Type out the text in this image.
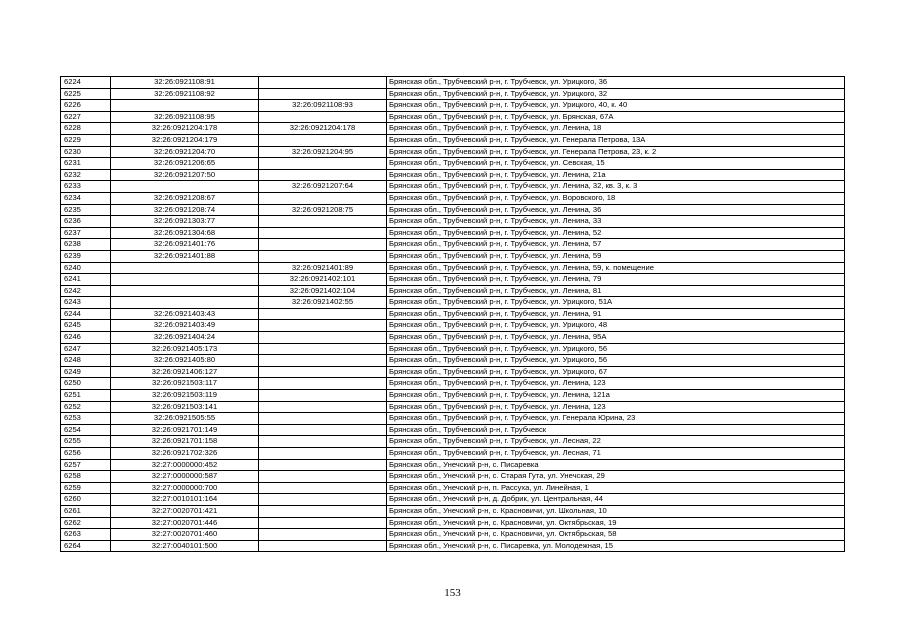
6224	32:26:0921108:91		Брянская обл., Трубчевский р-н, г. Трубчевск, ул. Урицкого, 36
6225	32:26:0921108:92		Брянская обл., Трубчевский р-н, г. Трубчевск, ул. Урицкого, 32
6226		32:26:0921108:93	Брянская обл., Трубчевский р-н, г. Трубчевск, ул. Урицкого, 40, к. 40
6227	32:26:0921108:95		Брянская обл., Трубчевский р-н, г. Трубчевск, ул. Брянская, 67А
6228	32:26:0921204:178	32:26:0921204:178	Брянская обл., Трубчевский р-н, г. Трубчевск, ул. Ленина, 18
6229	32:26:0921204:179		Брянская обл., Трубчевский р-н, г. Трубчевск, ул. Генерала Петрова, 13А
6230	32:26:0921204:70	32:26:0921204:95	Брянская обл., Трубчевский р-н, г. Трубчевск, ул. Генерала Петрова, 23, к. 2
6231	32:26:0921206:65		Брянская обл., Трубчевский р-н, г. Трубчевск, ул. Севская, 15
6232	32:26:0921207:50		Брянская обл., Трубчевский р-н, г. Трубчевск, ул. Ленина, 21а
6233		32:26:0921207:64	Брянская обл., Трубчевский р-н, г. Трубчевск, ул. Ленина, 32, кв. 3, к. 3
6234	32:26:0921208:67		Брянская обл., Трубчевский р-н, г. Трубчевск, ул. Воровского, 18
6235	32:26:0921208:74	32:26:0921208:75	Брянская обл., Трубчевский р-н, г. Трубчевск, ул. Ленина, 36
6236	32:26:0921303:77		Брянская обл., Трубчевский р-н, г. Трубчевск, ул. Ленина, 33
6237	32:26:0921304:68		Брянская обл., Трубчевский р-н, г. Трубчевск, ул. Ленина, 52
6238	32:26:0921401:76		Брянская обл., Трубчевский р-н, г. Трубчевск, ул. Ленина, 57
6239	32:26:0921401:88		Брянская обл., Трубчевский р-н, г. Трубчевск, ул. Ленина, 59
6240		32:26:0921401:89	Брянская обл., Трубчевский р-н, г. Трубчевск, ул. Ленина, 59, к. помещение
6241		32:26:0921402:101	Брянская обл., Трубчевский р-н, г. Трубчевск, ул. Ленина, 79
6242		32:26:0921402:104	Брянская обл., Трубчевский р-н, г. Трубчевск, ул. Ленина, 81
6243		32:26:0921402:55	Брянская обл., Трубчевский р-н, г. Трубчевск, ул. Урицкого, 51А
6244	32:26:0921403:43		Брянская обл., Трубчевский р-н, г. Трубчевск, ул. Ленина, 91
6245	32:26:0921403:49		Брянская обл., Трубчевский р-н, г. Трубчевск, ул. Урицкого, 48
6246	32:26:0921404:24		Брянская обл., Трубчевский р-н, г. Трубчевск, ул. Ленина, 95А
6247	32:26:0921405:173		Брянская обл., Трубчевский р-н, г. Трубчевск, ул. Урицкого, 56
6248	32:26:0921405:80		Брянская обл., Трубчевский р-н, г. Трубчевск, ул. Урицкого, 56
6249	32:26:0921406:127		Брянская обл., Трубчевский р-н, г. Трубчевск, ул. Урицкого, 67
6250	32:26:0921503:117		Брянская обл., Трубчевский р-н, г. Трубчевск, ул. Ленина, 123
6251	32:26:0921503:119		Брянская обл., Трубчевский р-н, г. Трубчевск, ул. Ленина, 121а
6252	32:26:0921503:141		Брянская обл., Трубчевский р-н, г. Трубчевск, ул. Ленина, 123
6253	32:26:0921505:55		Брянская обл., Трубчевский р-н, г. Трубчевск, ул. Генерала Юрина, 23
6254	32:26:0921701:149		Брянская обл., Трубчевский р-н, г. Трубчевск
6255	32:26:0921701:158		Брянская обл., Трубчевский р-н, г. Трубчевск, ул. Лесная, 22
6256	32:26:0921702:326		Брянская обл., Трубчевский р-н, г. Трубчевск, ул. Лесная, 71
6257	32:27:0000000:452		Брянская обл., Унечский р-н, с. Писаревка
6258	32:27:0000000:587		Брянская обл., Унечский р-н, с. Старая Гута, ул. Унечская, 29
6259	32:27:0000000:700		Брянская обл., Унечский р-н, п. Рассуха, ул. Линейная, 1
6260	32:27:0010101:164		Брянская обл., Унечский р-н, д. Добрик, ул. Центральная, 44
6261	32:27:0020701:421		Брянская обл., Унечский р-н, с. Красновичи, ул. Школьная, 10
6262	32:27:0020701:446		Брянская обл., Унечский р-н, с. Красновичи, ул. Октябрьская, 19
6263	32:27:0020701:460		Брянская обл., Унечский р-н, с. Красновичи, ул. Октябрьская, 58
6264	32:27:0040101:500		Брянская обл., Унечский р-н, с. Писаревка, ул. Молодежная, 15
153
